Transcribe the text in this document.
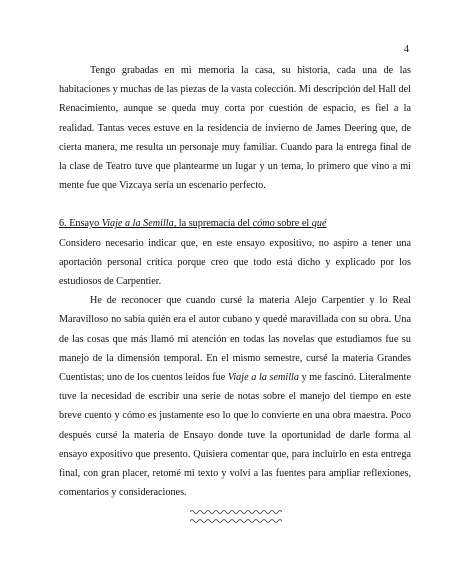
4

Tengo grabadas en mi memoria la casa, su historia, cada una de las habitaciones y muchas de las piezas de la vasta colección. Mi descripción del Hall del Renacimiento, aunque se queda muy corta por cuestión de espacio, es fiel a la realidad. Tantas veces estuve en la residencia de invierno de James Deering que, de cierta manera, me resulta un personaje muy familiar. Cuando para la entrega final de la clase de Teatro tuve que plantearme un lugar y un tema, lo primero que vino a mi mente fue que Vizcaya sería un escenario perfecto.

6. Ensayo Viaje a la Semilla, la supremacía del cómo sobre el qué

Considero necesario indicar que, en este ensayo expositivo, no aspiro a tener una aportación personal crítica porque creo que todo está dicho y explicado por los estudiosos de Carpentier.

He de reconocer que cuando cursé la materia Alejo Carpentier y lo Real Maravilloso no sabía quién era el autor cubano y quedé maravillada con su obra. Una de las cosas que más llamó mi atención en todas las novelas que estudiamos fue su manejo de la dimensión temporal. En el mismo semestre, cursé la materia Grandes Cuentistas; uno de los cuentos leídos fue Viaje a la semilla y me fascinó. Literalmente tuve la necesidad de escribir una serie de notas sobre el manejo del tiempo en este breve cuento y cómo es justamente eso lo que lo convierte en una obra maestra. Poco después cursé la materia de Ensayo donde tuve la oportunidad de darle forma al ensayo expositivo que presento. Quisiera comentar que, para incluirlo en esta entrega final, con gran placer, retomé mi texto y volví a las fuentes para ampliar reflexiones, comentarios y consideraciones.
